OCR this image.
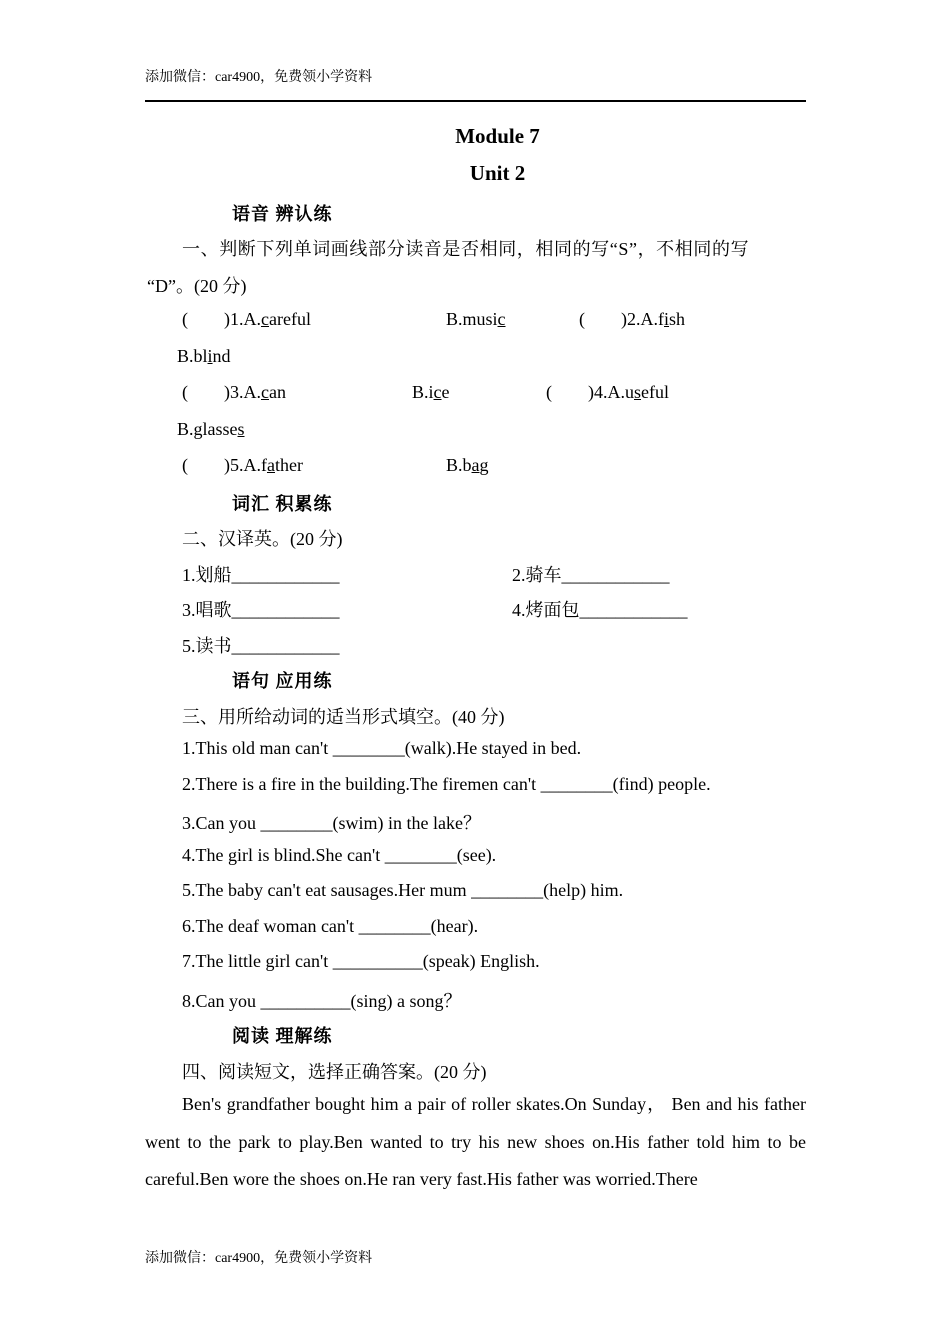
添加微信：car4900，免费领小学资料
Module 7
Unit 2
语音 辨认练
一、判断下列单词画线部分读音是否相同，相同的写“S”，不相同的写
“D”。(20 分)
(        )1.A.careful	B.music	(        )2.A.fish
B.blind
(        )3.A.can	B.ice	(        )4.A.useful
B.glasses
(        )5.A.father	B.bag
词汇 积累练
二、汉译英。(20 分)
1.划船____________	2.骑车____________
3.唱歌____________	4.烤面包____________
5.读书____________
语句 应用练
三、用所给动词的适当形式填空。(40 分)
1.This old man can't ________(walk).He stayed in bed.
2.There is a fire in the building.The firemen can't ________(find) people.
3.Can you ________(swim) in the lake？
4.The girl is blind.She can't ________(see).
5.The baby can't eat sausages.Her mum ________(help) him.
6.The deaf woman can't ________(hear).
7.The little girl can't __________(speak) English.
8.Can you __________(sing) a song？
阅读 理解练
四、阅读短文，选择正确答案。(20 分)
Ben's grandfather bought him a pair of roller skates.On Sunday， Ben and his father went to the park to play.Ben wanted to try his new shoes on.His father told him to be careful.Ben wore the shoes on.He ran very fast.His father was worried.There
添加微信：car4900，免费领小学资料
